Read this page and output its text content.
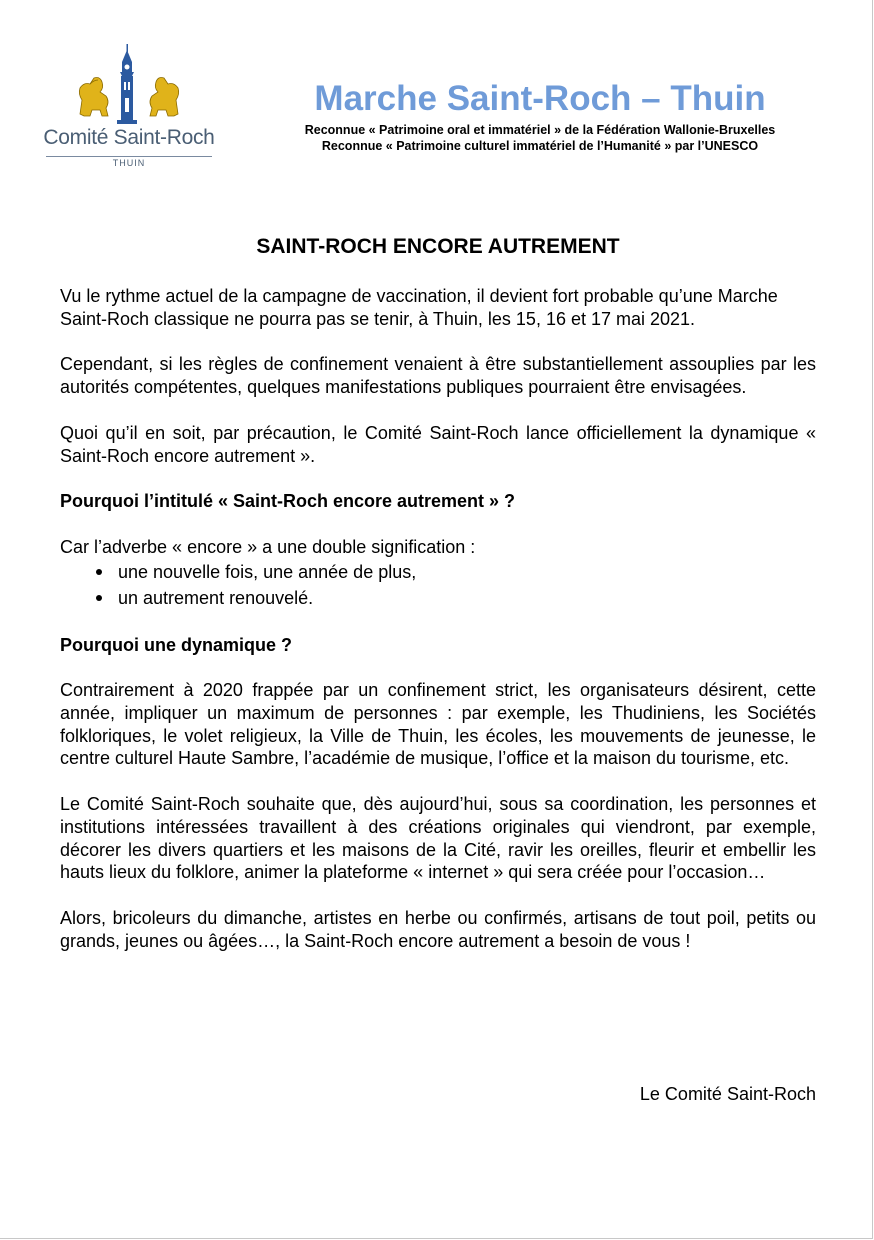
Comité Saint-Roch
THUIN
Marche Saint-Roch – Thuin
Reconnue « Patrimoine oral et immatériel » de la Fédération Wallonie-Bruxelles
Reconnue « Patrimoine culturel immatériel de l’Humanité » par l’UNESCO
SAINT-ROCH ENCORE AUTREMENT

Vu le rythme actuel de la campagne de vaccination, il devient fort probable qu’une Marche Saint-Roch classique ne pourra pas se tenir, à Thuin, les 15, 16 et 17 mai 2021.

Cependant, si les règles de confinement venaient à être substantiellement assouplies par les autorités compétentes, quelques manifestations publiques pourraient être envisagées.

Quoi qu’il en soit, par précaution, le Comité Saint-Roch lance officiellement la dynamique « Saint-Roch encore autrement ».

Pourquoi l’intitulé « Saint-Roch encore autrement » ?

Car l’adverbe « encore » a une double signification :

une nouvelle fois, une année de plus,
un autrement renouvelé.
Pourquoi une dynamique ?

Contrairement à 2020 frappée par un confinement strict, les organisateurs désirent, cette année, impliquer un maximum de personnes : par exemple, les Thudiniens, les Sociétés folkloriques, le volet religieux, la Ville de Thuin, les écoles, les mouvements de jeunesse, le centre culturel Haute Sambre, l’académie de musique, l’office et la maison du tourisme, etc.

Le Comité Saint-Roch souhaite que, dès aujourd’hui, sous sa coordination, les personnes et institutions intéressées travaillent à des créations originales qui viendront, par exemple, décorer les divers quartiers et les maisons de la Cité, ravir les oreilles, fleurir et embellir les hauts lieux du folklore, animer la plateforme « internet » qui sera créée pour l’occasion…

Alors, bricoleurs du dimanche, artistes en herbe ou confirmés, artisans de tout poil, petits ou grands, jeunes ou âgées…, la Saint-Roch encore autrement a besoin de vous !

Le Comité Saint-Roch
